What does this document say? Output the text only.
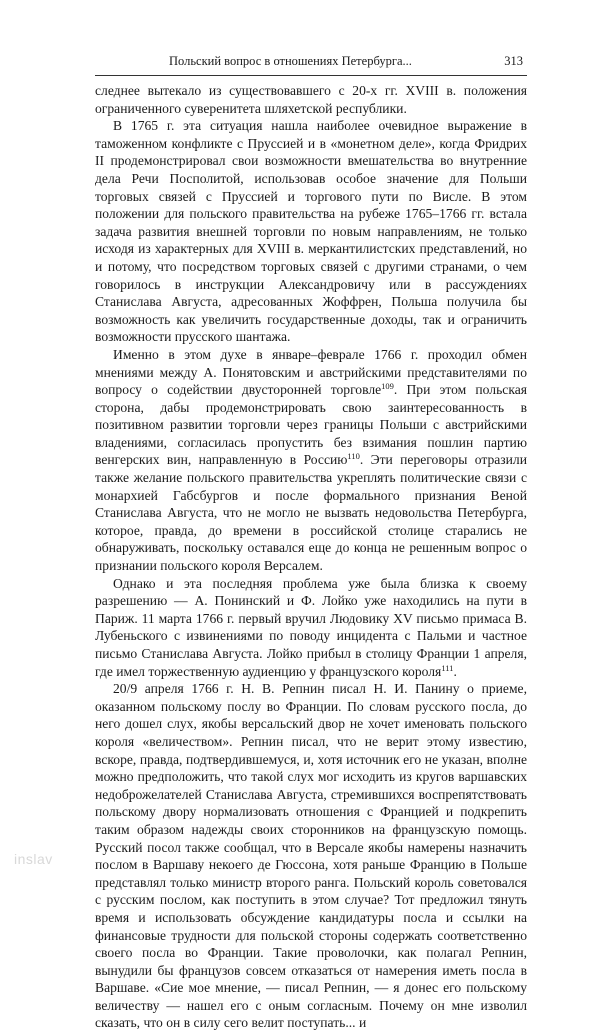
Польский вопрос в отношениях Петербурга...	313

следнее вытекало из существовавшего с 20-х гг. XVIII в. положения ограниченного суверенитета шляхетской республики.

В 1765 г. эта ситуация нашла наиболее очевидное выражение в таможенном конфликте с Пруссией и в «монетном деле», когда Фридрих II продемонстрировал свои возможности вмешательства во внутренние дела Речи Посполитой, использовав особое значение для Польши торговых связей с Пруссией и торгового пути по Висле. В этом положении для польского правительства на рубеже 1765–1766 гг. встала задача развития внешней торговли по новым направлениям, не только исходя из характерных для XVIII в. меркантилистских представлений, но и потому, что посредством торговых связей с другими странами, о чем говорилось в инструкции Александровичу или в рассуждениях Станислава Августа, адресованных Жоффрен, Польша получила бы возможность как увеличить государственные доходы, так и ограничить возможности прусского шантажа.

Именно в этом духе в январе–феврале 1766 г. проходил обмен мнениями между А. Понятовским и австрийскими представителями по вопросу о содействии двусторонней торговле$^{109}$. При этом польская сторона, дабы продемонстрировать свою заинтересованность в позитивном развитии торговли через границы Польши с австрийскими владениями, согласилась пропустить без взимания пошлин партию венгерских вин, направленную в Россию$^{110}$. Эти переговоры отразили также желание польского правительства укреплять политические связи с монархией Габсбургов и после формального признания Веной Станислава Августа, что не могло не вызвать недовольства Петербурга, которое, правда, до времени в российской столице старались не обнаруживать, поскольку оставался еще до конца не решенным вопрос о признании польского короля Версалем.

Однако и эта последняя проблема уже была близка к своему разрешению — А. Понинский и Ф. Лойко уже находились на пути в Париж. 11 марта 1766 г. первый вручил Людовику XV письмо примаса В. Лубеньского с извинениями по поводу инцидента с Пальми и частное письмо Станислава Августа. Лойко прибыл в столицу Франции 1 апреля, где имел торжественную аудиенцию у французского короля$^{111}$.

20/9 апреля 1766 г. Н. В. Репнин писал Н. И. Панину о приеме, оказанном польскому послу во Франции. По словам русского посла, до него дошел слух, якобы версальский двор не хочет именовать польского короля «величеством». Репнин писал, что не верит этому известию, вскоре, правда, подтвердившемуся, и, хотя источник его не указан, вполне можно предположить, что такой слух мог исходить из кругов варшавских недоброжелателей Станислава Августа, стремившихся воспрепятствовать польскому двору нормализовать отношения с Францией и подкрепить таким образом надежды своих сторонников на французскую помощь. Русский посол также сообщал, что в Версале якобы намерены назначить послом в Варшаву некоего де Гюссона, хотя раньше Францию в Польше представлял только министр второго ранга. Польский король советовался с русским послом, как поступить в этом случае? Тот предложил тянуть время и использовать обсуждение кандидатуры посла и ссылки на финансовые трудности для польской стороны содержать соответственно своего посла во Франции. Такие проволочки, как полагал Репнин, вынудили бы французов совсем отказаться от намерения иметь посла в Варшаве. «Сие мое мнение, — писал Репнин, — я донес его польскому величеству — нашел его с оным согласным. Почему он мне изволил сказать, что он в силу сего велит поступать... и

inslav
